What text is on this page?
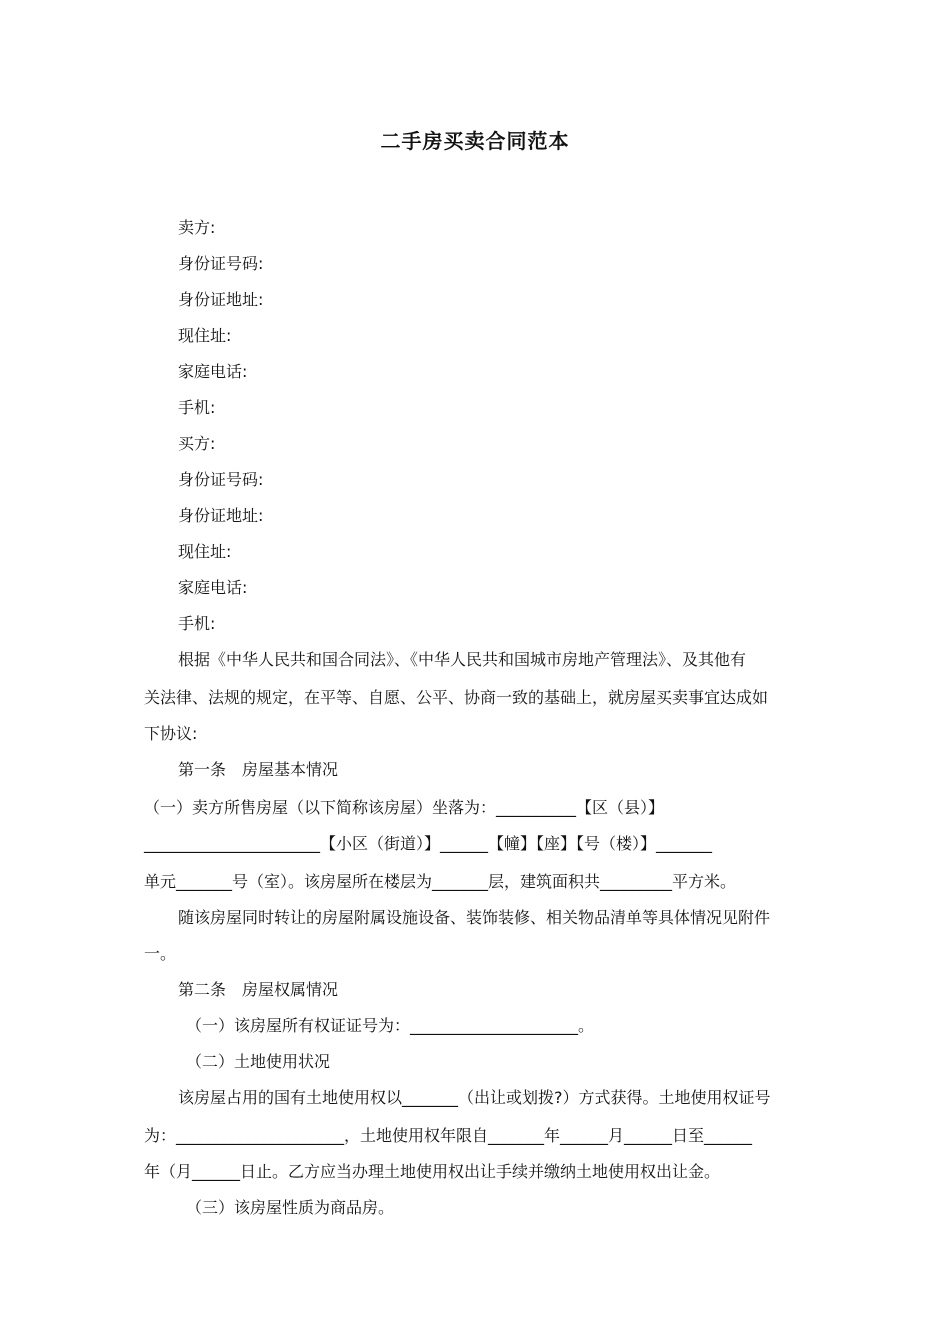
二手房买卖合同范本
卖方:
身份证号码:
身份证地址:
现住址:
家庭电话:
手机:
买方:
身份证号码:
身份证地址:
现住址:
家庭电话:
手机:
根据《中华人民共和国合同法》、《中华人民共和国城市房地产管理法》、及其他有
关法律、法规的规定，在平等、自愿、公平、协商一致的基础上，就房屋买卖事宜达成如
下协议:
第一条　房屋基本情况
（一）卖方所售房屋（以下简称该房屋）坐落为：__________【区（县）】
______________________【小区（街道）】______【幢】【座】【号（楼）】_______
单元_______号（室）。该房屋所在楼层为_______层，建筑面积共_________平方米。
随该房屋同时转让的房屋附属设施设备、装饰装修、相关物品清单等具体情况见附件
一。
第二条　房屋权属情况
（一）该房屋所有权证证号为：_____________________。
（二）土地使用状况
该房屋占用的国有土地使用权以_______（出让或划拨?）方式获得。土地使用权证号
为：_____________________，土地使用权年限自_______年______月______日至______
年（月______日止。乙方应当办理土地使用权出让手续并缴纳土地使用权出让金。
（三）该房屋性质为商品房。
